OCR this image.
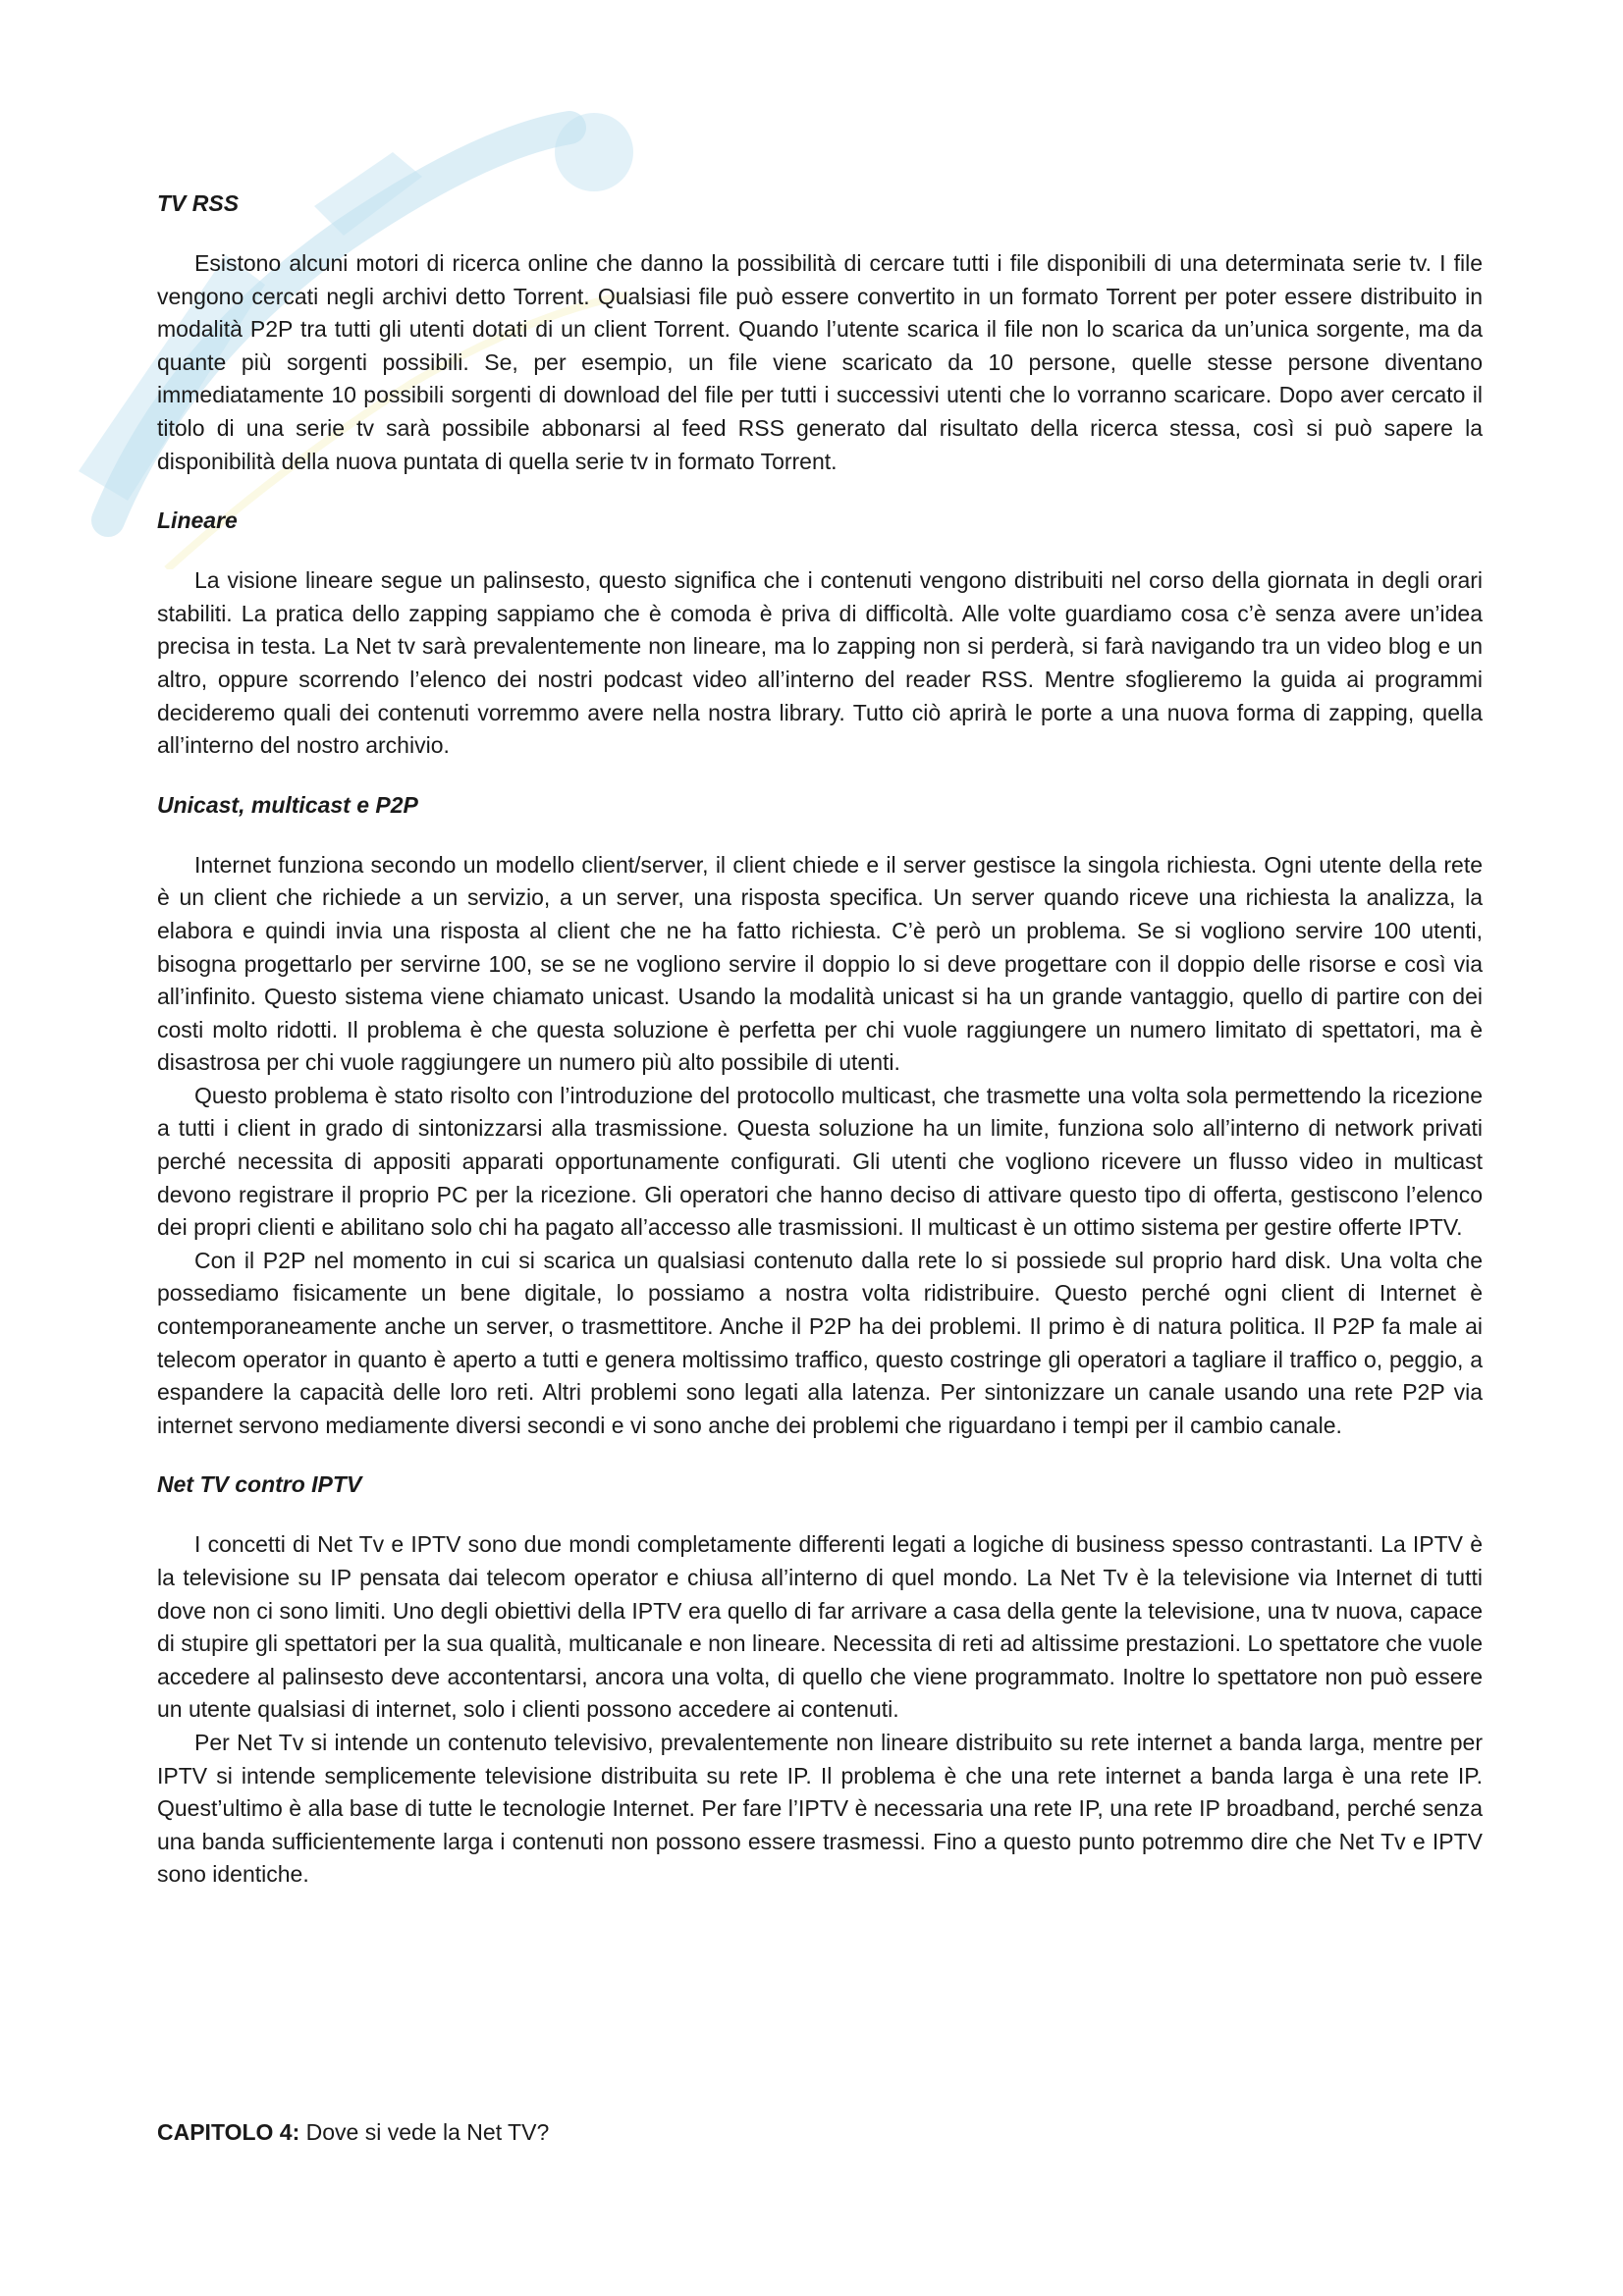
TV RSS

Esistono alcuni motori di ricerca online che danno la possibilità di cercare tutti i file disponibili di una determinata serie tv. I file vengono cercati negli archivi detto Torrent. Qualsiasi file può essere convertito in un formato Torrent per poter essere distribuito in modalità P2P tra tutti gli utenti dotati di un client Torrent. Quando l’utente scarica il file non lo scarica da un’unica sorgente, ma da quante più sorgenti possibili. Se, per esempio, un file viene scaricato da 10 persone, quelle stesse persone diventano immediatamente 10 possibili sorgenti di download del file per tutti i successivi utenti che lo vorranno scaricare. Dopo aver cercato il titolo di una serie tv sarà possibile abbonarsi al feed RSS generato dal risultato della ricerca stessa, così si può sapere la disponibilità della nuova puntata di quella serie tv in formato Torrent.

Lineare

La visione lineare segue un palinsesto, questo significa che i contenuti vengono distribuiti nel corso della giornata in degli orari stabiliti. La pratica dello zapping sappiamo che è comoda è priva di difficoltà. Alle volte guardiamo cosa c’è senza avere un’idea precisa in testa. La Net tv sarà prevalentemente non lineare, ma lo zapping non si perderà, si farà navigando tra un video blog e un altro, oppure scorrendo l’elenco dei nostri podcast video all’interno del reader RSS. Mentre sfoglieremo la guida ai programmi decideremo quali dei contenuti vorremmo avere nella nostra library. Tutto ciò aprirà le porte a una nuova forma di zapping, quella all’interno del nostro archivio.

Unicast, multicast e P2P

Internet funziona secondo un modello client/server, il client chiede e il server gestisce la singola richiesta. Ogni utente della rete è un client che richiede a un servizio, a un server, una risposta specifica. Un server quando riceve una richiesta la analizza, la elabora e quindi invia una risposta al client che ne ha fatto richiesta. C’è però un problema. Se si vogliono servire 100 utenti, bisogna progettarlo per servirne 100, se se ne vogliono servire il doppio lo si deve progettare con il doppio delle risorse e così via all’infinito. Questo sistema viene chiamato unicast. Usando la modalità unicast si ha un grande vantaggio, quello di partire con dei costi molto ridotti. Il problema è che questa soluzione è perfetta per chi vuole raggiungere un numero limitato di spettatori, ma è disastrosa per chi vuole raggiungere un numero più alto possibile di utenti.

Questo problema è stato risolto con l’introduzione del protocollo multicast, che trasmette una volta sola permettendo la ricezione a tutti i client in grado di sintonizzarsi alla trasmissione. Questa soluzione ha un limite, funziona solo all’interno di network privati perché necessita di appositi apparati opportunamente configurati. Gli utenti che vogliono ricevere un flusso video in multicast devono registrare il proprio PC per la ricezione. Gli operatori che hanno deciso di attivare questo tipo di offerta, gestiscono l’elenco dei propri clienti e abilitano solo chi ha pagato all’accesso alle trasmissioni. Il multicast è un ottimo sistema per gestire offerte IPTV.

Con il P2P nel momento in cui si scarica un qualsiasi contenuto dalla rete lo si possiede sul proprio hard disk. Una volta che possediamo fisicamente un bene digitale, lo possiamo a nostra volta ridistribuire. Questo perché ogni client di Internet è contemporaneamente anche un server, o trasmettitore. Anche il P2P ha dei problemi. Il primo è di natura politica. Il P2P fa male ai telecom operator in quanto è aperto a tutti e genera moltissimo traffico, questo costringe gli operatori a tagliare il traffico o, peggio, a espandere la capacità delle loro reti. Altri problemi sono legati alla latenza. Per sintonizzare un canale usando una rete P2P via internet servono mediamente diversi secondi e vi sono anche dei problemi che riguardano i tempi per il cambio canale.

Net TV contro IPTV

I concetti di Net Tv e IPTV sono due mondi completamente differenti legati a logiche di business spesso contrastanti. La IPTV è la televisione su IP pensata dai telecom operator e chiusa all’interno di quel mondo. La Net Tv è la televisione via Internet di tutti dove non ci sono limiti. Uno degli obiettivi della IPTV era quello di far arrivare a casa della gente la televisione, una tv nuova, capace di stupire gli spettatori per la sua qualità, multicanale e non lineare. Necessita di reti ad altissime prestazioni. Lo spettatore che vuole accedere al palinsesto deve accontentarsi, ancora una volta, di quello che viene programmato. Inoltre lo spettatore non può essere un utente qualsiasi di internet, solo i clienti possono accedere ai contenuti.

Per Net Tv si intende un contenuto televisivo, prevalentemente non lineare distribuito su rete internet a banda larga, mentre per IPTV si intende semplicemente televisione distribuita su rete IP. Il problema è che una rete internet a banda larga è una rete IP. Quest’ultimo è alla base di tutte le tecnologie Internet. Per fare l’IPTV è necessaria una rete IP, una rete IP broadband, perché senza una banda sufficientemente larga i contenuti non possono essere trasmessi. Fino a questo punto potremmo dire che Net Tv e IPTV sono identiche.

CAPITOLO 4: Dove si vede la Net TV?
